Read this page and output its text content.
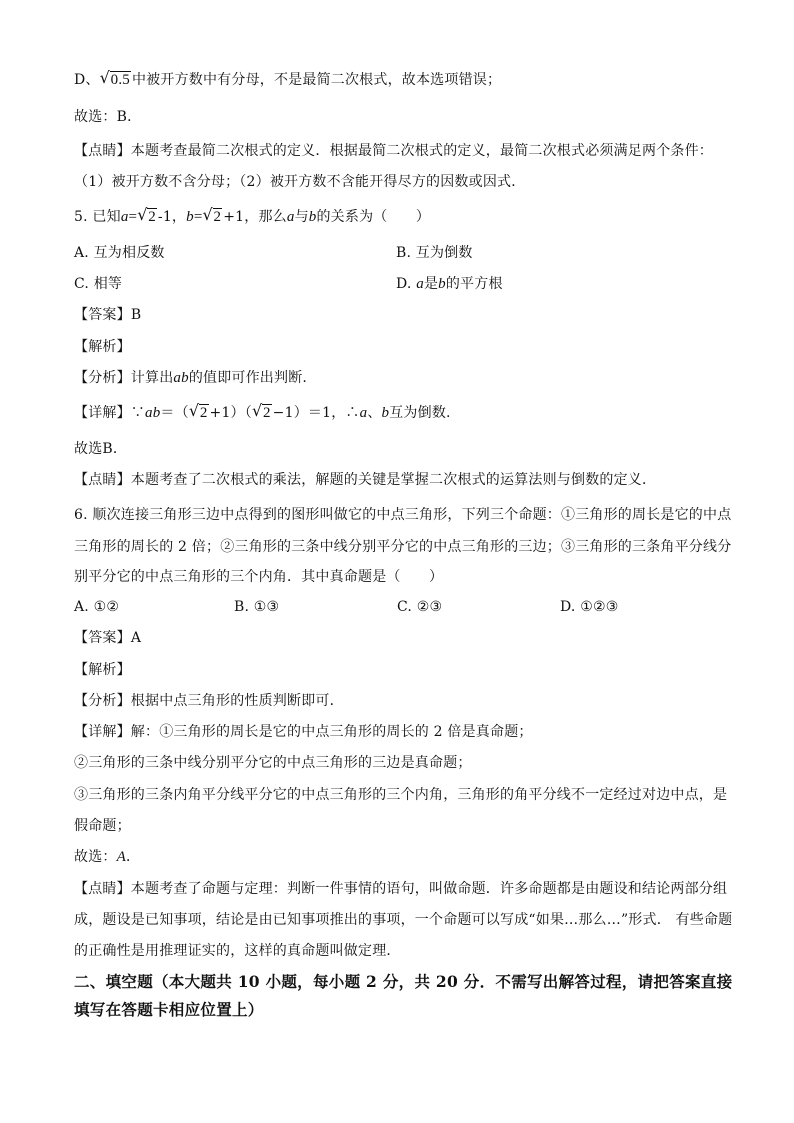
D、 √ 0.5 中被开方数中有分母，不是最简二次根式，故本选项错误；
故选：B．
【点睛】本题考查最简二次根式的定义．根据最简二次根式的定义，最简二次根式必须满足两个条件：
（1）被开方数不含分母；（2）被开方数不含能开得尽方的因数或因式．
5. 已知a= √ 2 -1，b= √ 2 +1，那么a与b的关系为（　　）
A. 互为相反数	B. 互为倒数
C. 相等	D. a是b的平方根
【答案】B
【解析】
【分析】计算出ab的值即可作出判断.
【详解】∵ab＝（ √ 2 +1）（ √ 2 −1）＝1，∴a、b互为倒数.
故选B．
【点睛】本题考查了二次根式的乘法，解题的关键是掌握二次根式的运算法则与倒数的定义．
6. 顺次连接三角形三边中点得到的图形叫做它的中点三角形，下列三个命题：①三角形的周长是它的中点
三角形的周长的 2 倍；②三角形的三条中线分别平分它的中点三角形的三边；③三角形的三条角平分线分
别平分它的中点三角形的三个内角．其中真命题是（　　）
A. ①②	B. ①③	C. ②③	D. ①②③
【答案】A
【解析】
【分析】根据中点三角形的性质判断即可．
【详解】解：①三角形的周长是它的中点三角形的周长的 2 倍是真命题；
②三角形的三条中线分别平分它的中点三角形的三边是真命题；
③三角形的三条内角平分线平分它的中点三角形的三个内角，三角形的角平分线不一定经过对边中点，是
假命题；
故选：A．
【点睛】本题考查了命题与定理：判断一件事情的语句，叫做命题．许多命题都是由题设和结论两部分组
成，题设是已知事项，结论是由已知事项推出的事项，一个命题可以写成“如果…那么…”形式． 有些命题
的正确性是用推理证实的，这样的真命题叫做定理．
二、填空题（本大题共 10 小题，每小题 2 分，共 20 分．不需写出解答过程，请把答案直接
填写在答题卡相应位置上）
